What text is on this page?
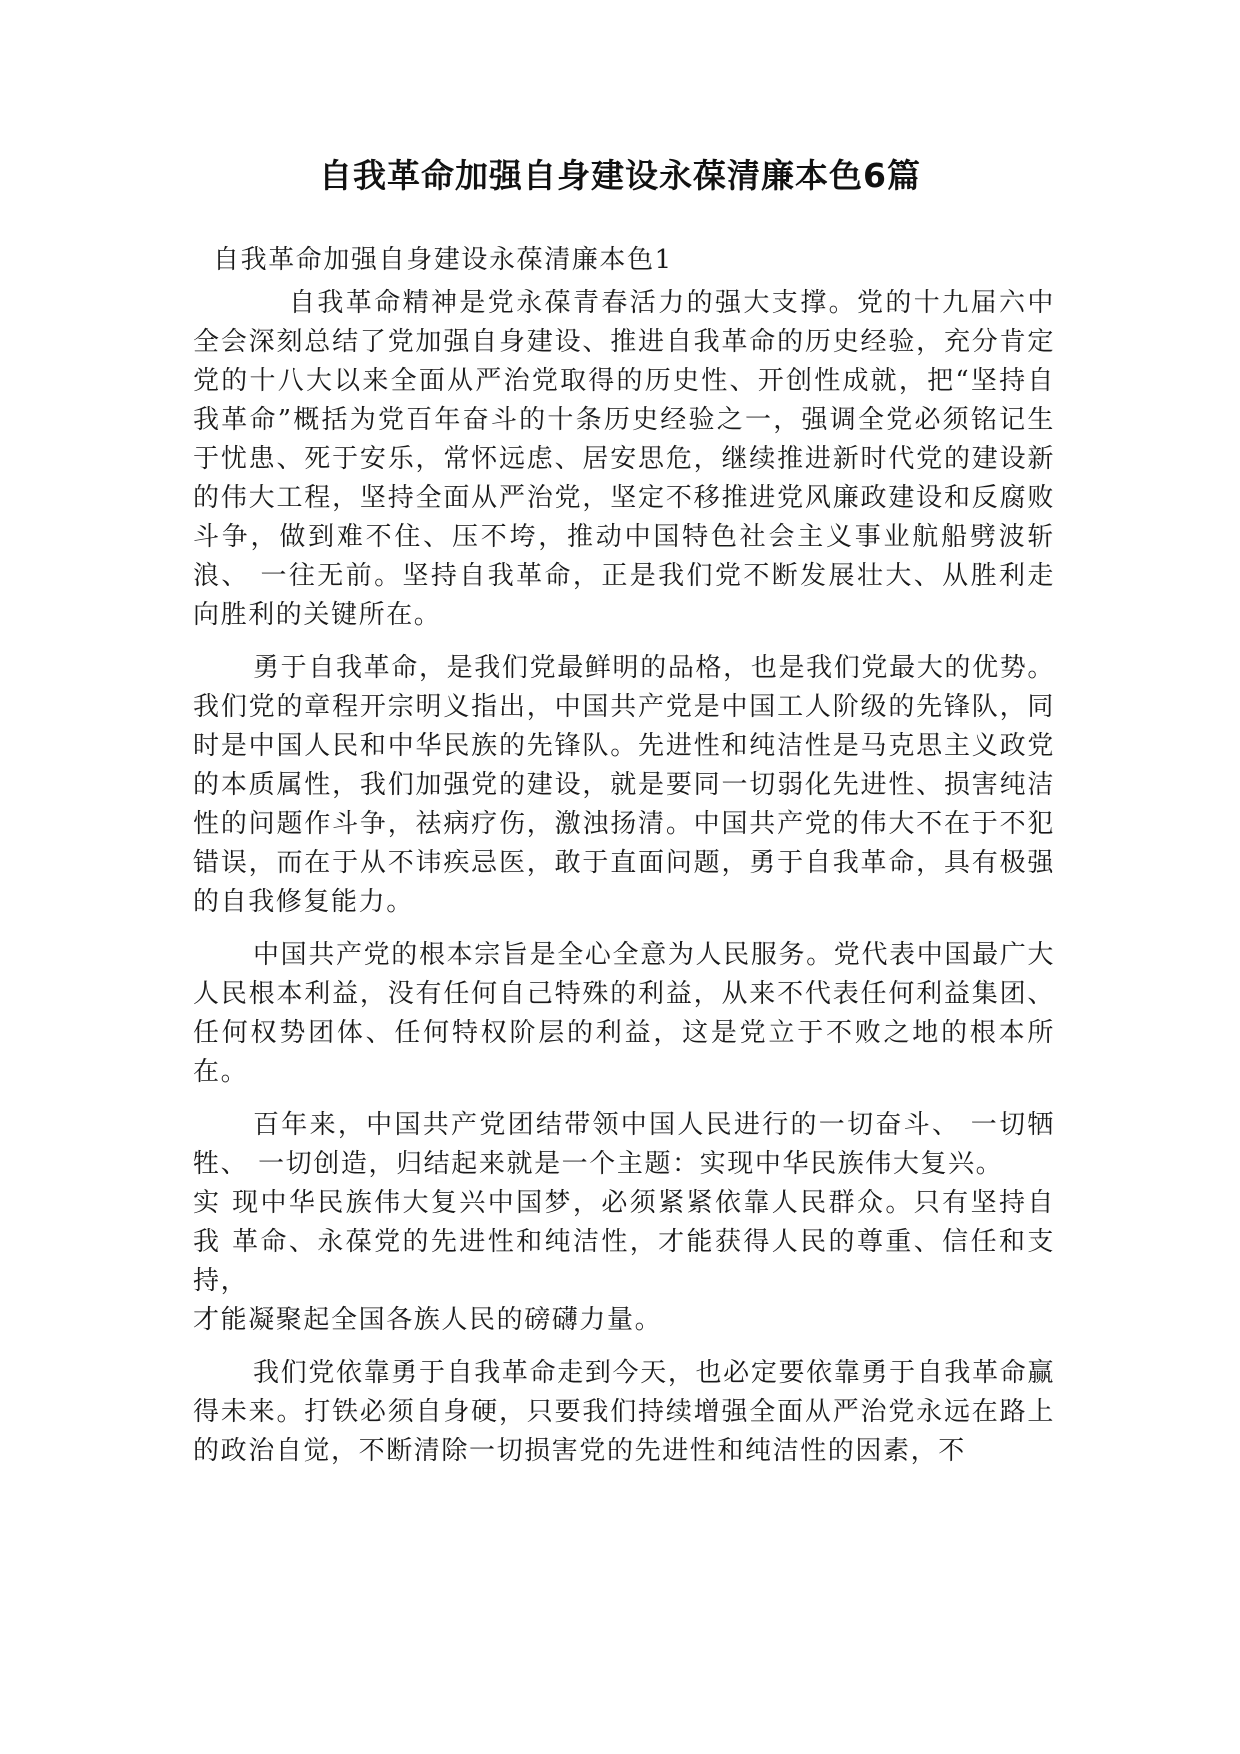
自我革命加强自身建设永葆清廉本色6篇

自我革命加强自身建设永葆清廉本色1

自我革命精神是党永葆青春活力的强大支撑。党的十九届六中全会深刻总结了党加强自身建设、推进自我革命的历史经验，充分肯定党的十八大以来全面从严治党取得的历史性、开创性成就，把“坚持自我革命”概括为党百年奋斗的十条历史经验之一，强调全党必须铭记生于忧患、死于安乐，常怀远虑、居安思危，继续推进新时代党的建设新的伟大工程，坚持全面从严治党，坚定不移推进党风廉政建设和反腐败斗争，做到难不住、压不垮，推动中国特色社会主义事业航船劈波斩浪、 一往无前。坚持自我革命，正是我们党不断发展壮大、从胜利走向胜利的关键所在。

勇于自我革命，是我们党最鲜明的品格，也是我们党最大的优势。我们党的章程开宗明义指出，中国共产党是中国工人阶级的先锋队，同时是中国人民和中华民族的先锋队。先进性和纯洁性是马克思主义政党的本质属性，我们加强党的建设，就是要同一切弱化先进性、损害纯洁性的问题作斗争，祛病疗伤，激浊扬清。中国共产党的伟大不在于不犯错误，而在于从不讳疾忌医，敢于直面问题，勇于自我革命，具有极强的自我修复能力。

中国共产党的根本宗旨是全心全意为人民服务。党代表中国最广大人民根本利益，没有任何自己特殊的利益，从来不代表任何利益集团、任何权势团体、任何特权阶层的利益，这是党立于不败之地的根本所在。

百年来，中国共产党团结带领中国人民进行的一切奋斗、 一切牺牲、 一切创造，归结起来就是一个主题：实现中华民族伟大复兴。

实 现中华民族伟大复兴中国梦，必须紧紧依靠人民群众。只有坚持自我 革命、永葆党的先进性和纯洁性，才能获得人民的尊重、信任和支持，

才能凝聚起全国各族人民的磅礴力量。

我们党依靠勇于自我革命走到今天，也必定要依靠勇于自我革命赢得未来。打铁必须自身硬，只要我们持续增强全面从严治党永远在路上的政治自觉，不断清除一切损害党的先进性和纯洁性的因素，不
